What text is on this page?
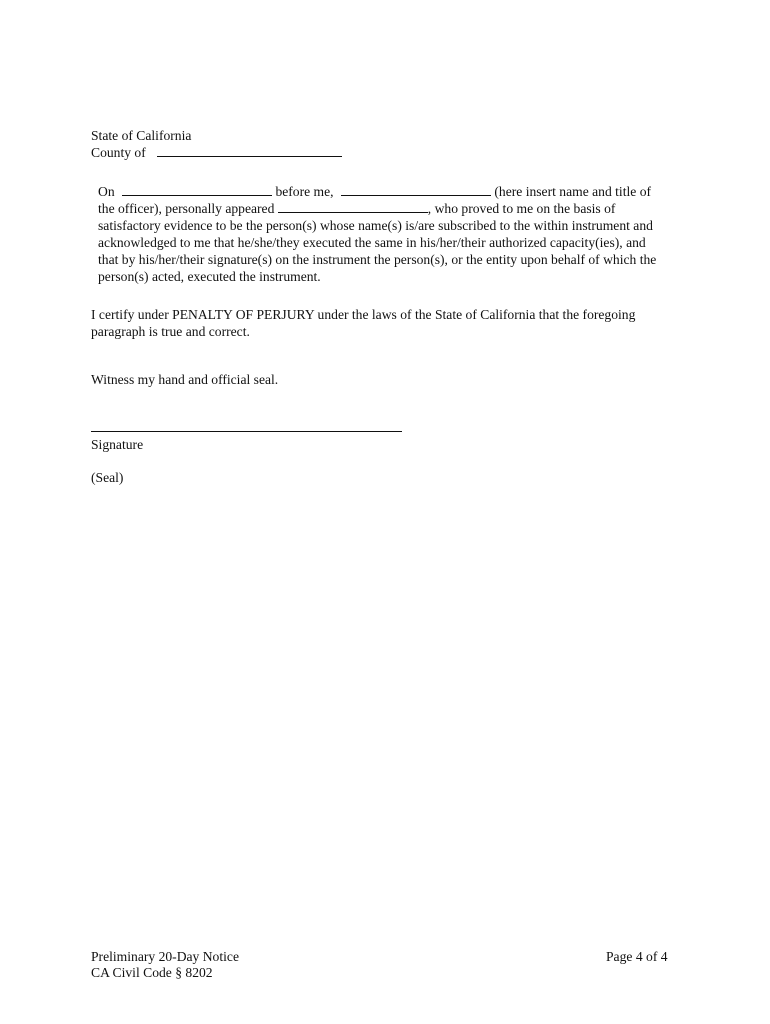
State of California
County of
On	before me,	(here insert name and title of
the officer), personally appeared	, who proved to me on the basis of
satisfactory evidence to be the person(s) whose name(s) is/are subscribed to the within instrument and
acknowledged to me that he/she/they executed the same in his/her/their authorized capacity(ies), and
that by his/her/their signature(s) on the instrument the person(s), or the entity upon behalf of which the
person(s) acted, executed the instrument.
I certify under PENALTY OF PERJURY under the laws of the State of California that the foregoing
paragraph is true and correct.
Witness my hand and official seal.
Signature
(Seal)
Preliminary 20-Day Notice
CA Civil Code § 8202
Page 4 of 4
